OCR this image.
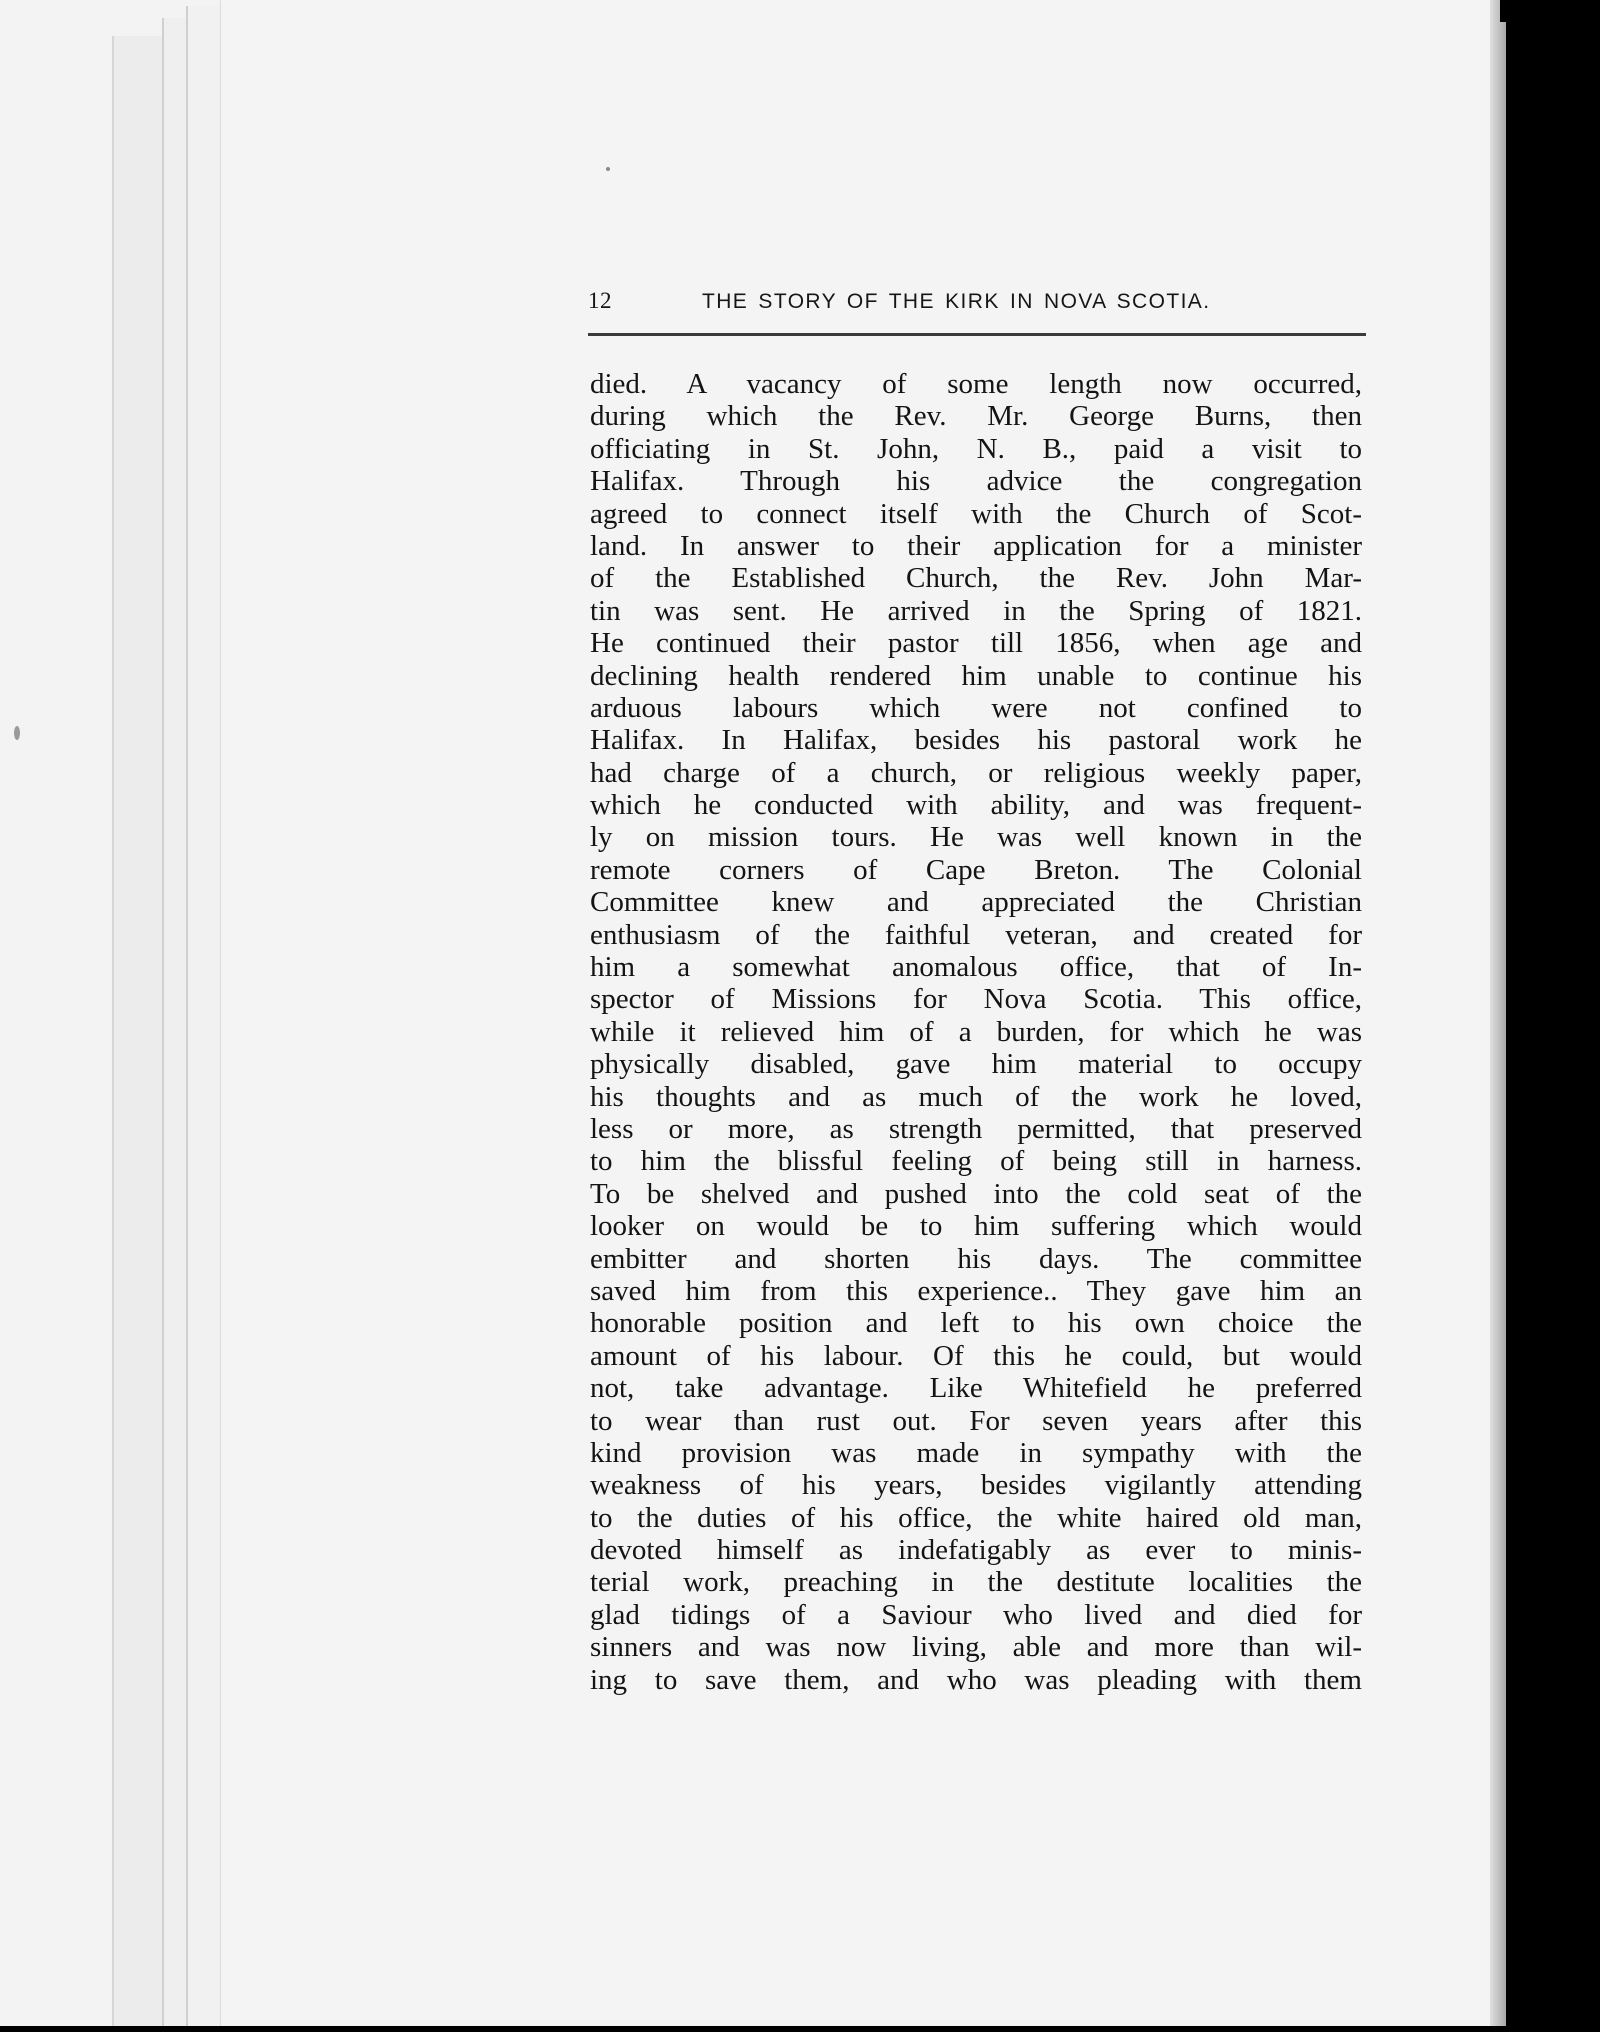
12	THE STORY OF THE KIRK IN NOVA SCOTIA.
died. A vacancy of some length now occurred,
during which the Rev. Mr. George Burns, then
officiating in St. John, N. B., paid a visit to
Halifax. Through his advice the congregation
agreed to connect itself with the Church of Scot-
land. In answer to their application for a minister
of the Established Church, the Rev. John Mar-
tin was sent. He arrived in the Spring of 1821.
He continued their pastor till 1856, when age and
declining health rendered him unable to continue his
arduous labours which were not confined to
Halifax. In Halifax, besides his pastoral work he
had charge of a church, or religious weekly paper,
which he conducted with ability, and was frequent-
ly on mission tours. He was well known in the
remote corners of Cape Breton. The Colonial
Committee knew and appreciated the Christian
enthusiasm of the faithful veteran, and created for
him a somewhat anomalous office, that of In-
spector of Missions for Nova Scotia. This office,
while it relieved him of a burden, for which he was
physically disabled, gave him material to occupy
his thoughts and as much of the work he loved,
less or more, as strength permitted, that preserved
to him the blissful feeling of being still in harness.
To be shelved and pushed into the cold seat of the
looker on would be to him suffering which would
embitter and shorten his days. The committee
saved him from this experience.. They gave him an
honorable position and left to his own choice the
amount of his labour. Of this he could, but would
not, take advantage. Like Whitefield he preferred
to wear than rust out. For seven years after this
kind provision was made in sympathy with the
weakness of his years, besides vigilantly attending
to the duties of his office, the white haired old man,
devoted himself as indefatigably as ever to minis-
terial work, preaching in the destitute localities the
glad tidings of a Saviour who lived and died for
sinners and was now living, able and more than wil-
ing to save them, and who was pleading with them
